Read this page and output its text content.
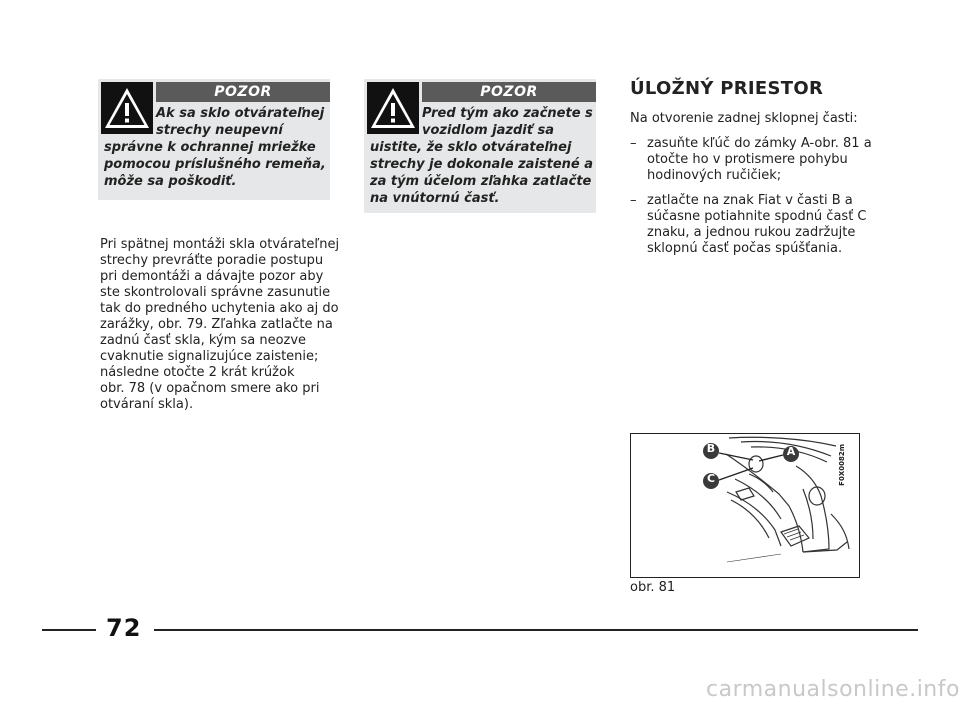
POZOR
Ak sa sklo otvárateľnej
strechy neupevní
správne k ochrannej mriežke
pomocou príslušného remeňa,
môže sa poškodiť.
POZOR
Pred tým ako začnete s
vozidlom jazdiť sa
uistite, že sklo otvárateľnej
strechy je dokonale zaistené a
za tým účelom zľahka zatlačte
na vnútornú časť.
Pri spätnej montáži skla otvárateľnej
strechy prevráťte poradie postupu
pri demontáži a dávajte pozor aby
ste skontrolovali správne zasunutie
tak do predného uchytenia ako aj do
zarážky, obr. 79. Zľahka zatlačte na
zadnú časť skla, kým sa neozve
cvaknutie signalizujúce zaistenie;
následne otočte 2 krát krúžok
obr. 78 (v opačnom smere ako pri
otváraní skla).
ÚLOŽNÝ PRIESTOR
Na otvorenie zadnej sklopnej časti:
– zasuňte kľúč do zámky A-obr. 81 a
otočte ho v protismere pohybu
hodinových ručičiek;
– zatlačte na znak Fiat v časti B a
súčasne potiahnite spodnú časť C
znaku, a jednou rukou zadržujte
sklopnú časť počas spúšťania.
B	A
C	F0X0082m
obr. 81
72
carmanualsonline.info
